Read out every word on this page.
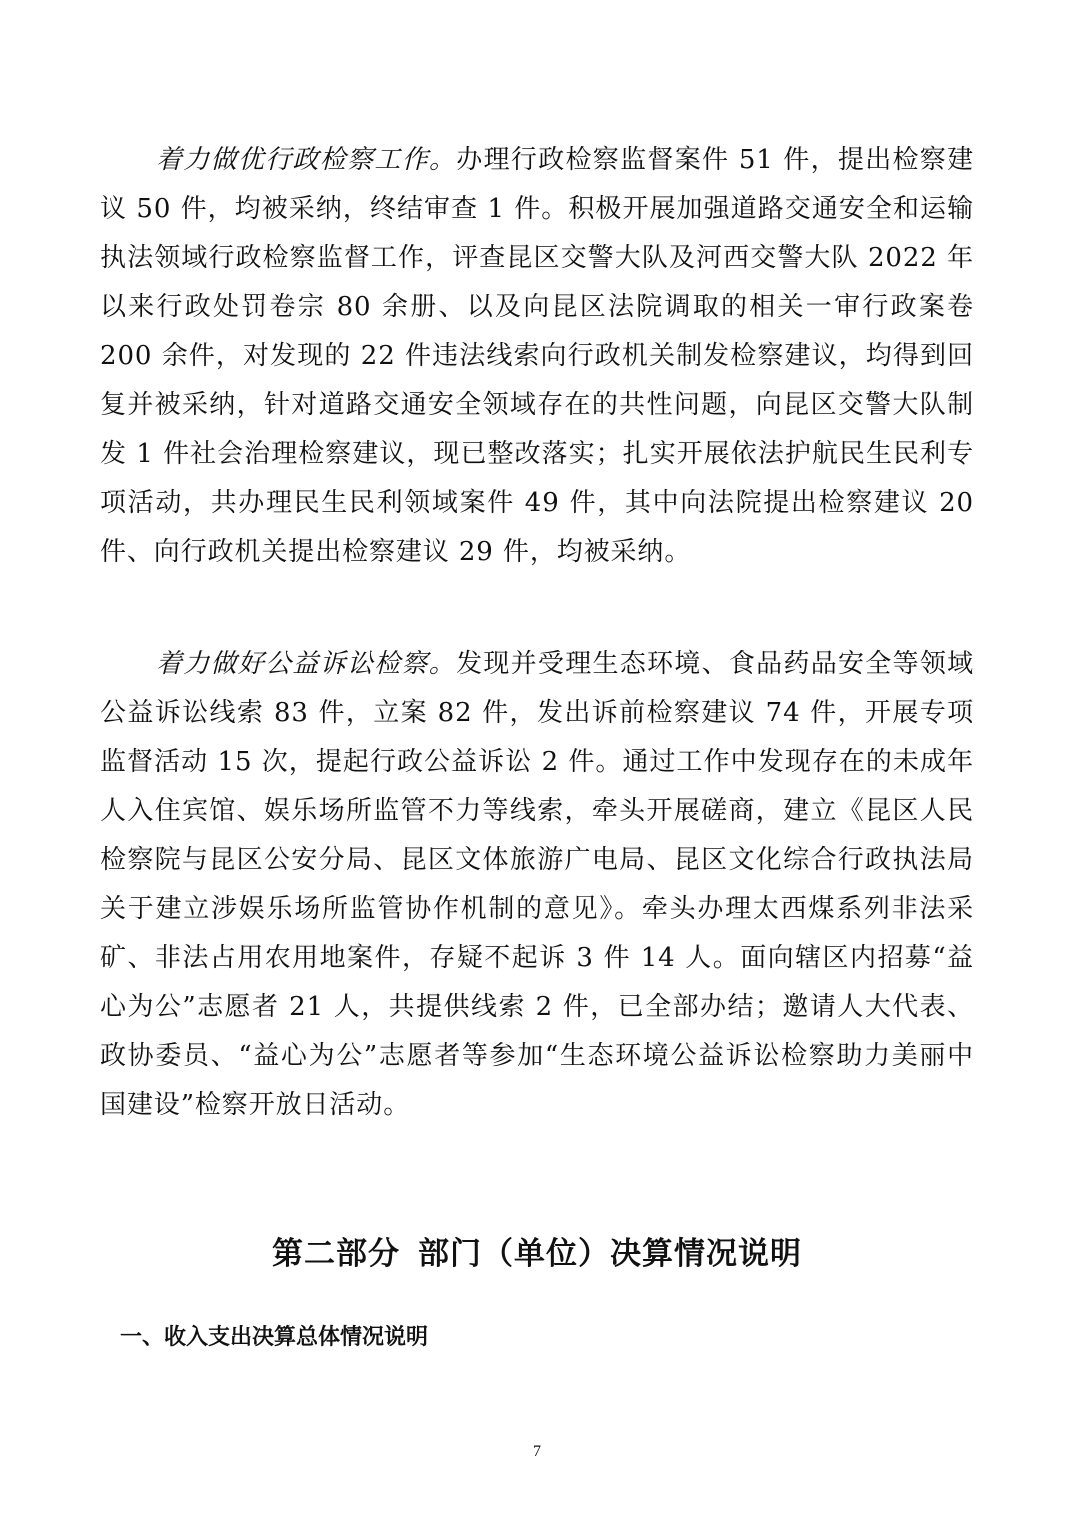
着力做优行政检察工作。办理行政检察监督案件 51 件，提出检察建议 50 件，均被采纳，终结审查 1 件。积极开展加强道路交通安全和运输执法领域行政检察监督工作，评查昆区交警大队及河西交警大队 2022 年以来行政处罚卷宗 80 余册、以及向昆区法院调取的相关一审行政案卷 200 余件，对发现的 22 件违法线索向行政机关制发检察建议，均得到回复并被采纳，针对道路交通安全领域存在的共性问题，向昆区交警大队制发 1 件社会治理检察建议，现已整改落实；扎实开展依法护航民生民利专项活动，共办理民生民利领域案件 49 件，其中向法院提出检察建议 20 件、向行政机关提出检察建议 29 件，均被采纳。

着力做好公益诉讼检察。发现并受理生态环境、食品药品安全等领域公益诉讼线索 83 件，立案 82 件，发出诉前检察建议 74 件，开展专项监督活动 15 次，提起行政公益诉讼 2 件。通过工作中发现存在的未成年人入住宾馆、娱乐场所监管不力等线索，牵头开展磋商，建立《昆区人民检察院与昆区公安分局、昆区文体旅游广电局、昆区文化综合行政执法局关于建立涉娱乐场所监管协作机制的意见》。牵头办理太西煤系列非法采矿、非法占用农用地案件，存疑不起诉 3 件 14 人。面向辖区内招募“益心为公”志愿者 21 人，共提供线索 2 件，已全部办结；邀请人大代表、政协委员、“益心为公”志愿者等参加“生态环境公益诉讼检察助力美丽中国建设”检察开放日活动。

第二部分 部门（单位）决算情况说明
一、收入支出决算总体情况说明
7
